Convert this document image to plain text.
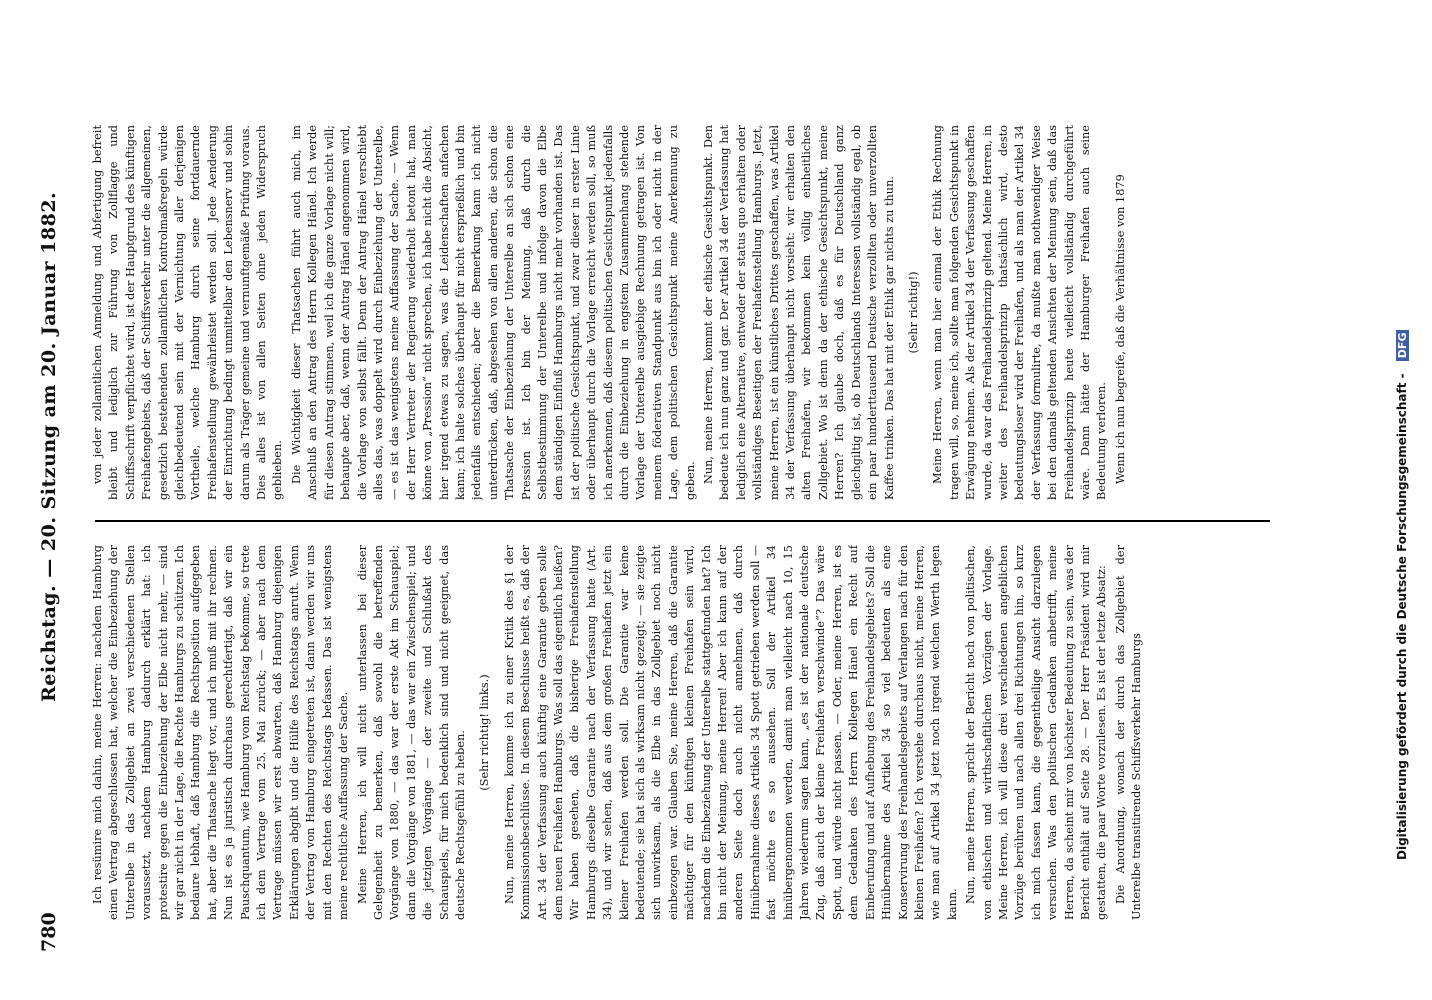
780
Reichstag. — 20. Sitzung am 20. Januar 1882.

Ich resümire mich dahin, meine Herren: nachdem Hamburg einen Vertrag abgeschlossen hat, welcher die Einbeziehung der Unterelbe in das Zollgebiet an zwei verschiedenen Stellen voraussetzt, nachdem Hamburg dadurch erklärt hat: ich protestire gegen die Einbeziehung der Elbe nicht mehr, — sind wir gar nicht in der Lage, die Rechte Hamburgs zu schützen. Ich bedaure lebhaft, daß Hamburg die Rechtsposition aufgegeben hat, aber die Thatsache liegt vor, und ich muß mit ihr rechnen. Nun ist es ja juristisch durchaus gerechtfertigt, daß wir ein Pauschquantum, wie Hamburg vom Reichstag bekomme, so trete ich dem Vertrage vom 25. Mai zurück; — aber nach dem Vertrage müssen wir erst abwarten, daß Hamburg diejenigen Erklärungen abgibt und die Hülfe des Reichstags anruft. Wenn der Vertrag von Hamburg eingetreten ist, dann werden wir uns mit den Rechten des Reichstags befassen. Das ist wenigstens meine rechtliche Auffassung der Sache. Meine Herren, ich will nicht unterlassen bei dieser Gelegenheit zu bemerken, daß sowohl die betreffenden Vorgänge von 1880, — das war der erste Akt im Schauspiel; dann die Vorgänge von 1881, — das war ein Zwischenspiel; und die jetzigen Vorgänge — der zweite und Schlußakt des Schauspiels, für mich bedenklich sind und nicht geeignet, das deutsche Rechtsgefühl zu heben. (Sehr richtig! links.) Nun, meine Herren, komme ich zu einer Kritik des §1 der Kommissionsbeschlüsse. In diesem Beschlusse heißt es, daß der Art. 34 der Verfassung auch künftig eine Garantie geben solle dem neuen Freihafen Hamburgs. Was soll das eigentlich heißen? Wir haben gesehen, daß die bisherige Freihafenstellung Hamburgs dieselbe Garantie nach der Verfassung hatte (Art. 34), und wir sehen, daß aus dem großen Freihafen jetzt ein kleiner Freihafen werden soll. Die Garantie war keine bedeutende; sie hat sich als wirksam nicht gezeigt; — sie zeigte sich unwirksam, als die Elbe in das Zollgebiet noch nicht einbezogen war. Glauben Sie, meine Herren, daß die Garantie mächtiger für den künftigen kleinen Freihafen sein wird, nachdem die Einbeziehung der Unterelbe stattgefunden hat? Ich bin nicht der Meinung, meine Herren! Aber ich kann auf der anderen Seite doch auch nicht annehmen, daß durch Hinübernahme dieses Artikels 34 Spott getrieben werden soll — fast möchte es so aussehen. Soll der Artikel 34 hinübergenommen werden, damit man vielleicht nach 10, 15 Jahren wiederum sagen kann, „es ist der nationale deutsche Zug, daß auch der kleine Freihafen verschwinde“? Das wäre Spott, und würde nicht passen. — Oder, meine Herren, ist es dem Gedanken des Herrn Kollegen Hänel ein Recht auf Einberufung und auf Aufhebung des Freihandelsgebiets? Soll die Hinübernahme des Artikel 34 so viel bedeuten als eine Konservirung des Freihandelsgebiets auf Verlangen nach für den kleinen Freihafen? Ich verstehe durchaus nicht, meine Herren, wie man auf Artikel 34 jetzt noch irgend welchen Werth legen kann.

Nun, meine Herren, spricht der Bericht noch von politischen, von ethischen und wirthschaftlichen Vorzügen der Vorlage. Meine Herren, ich will diese drei verschiedenen angeblichen Vorzüge berühren und nach allen drei Richtungen hin, so kurz ich mich fassen kann, die gegentheilige Ansicht darzulegen versuchen. Was den politischen Gedanken anbetrifft, meine Herren, da scheint mir von höchster Bedeutung zu sein, was der Bericht enthält auf Seite 28. — Der Herr Präsident wird mir gestatten, die paar Worte vorzulesen. Es ist der letzte Absatz: Die Anordnung, wonach der durch das Zollgebiet der Unterelbe transitirende Schiffsverkehr Hamburgs

von jeder zollamtlichen Anmeldung und Abfertigung befreit bleibt und lediglich zur Führung von Zollflagge und Schiffsschrift verpflichtet wird, ist der Hauptgrund des künftigen Freihafengebiets, daß der Schiffsverkehr unter die allgemeinen, gesetzlich bestehenden zollamtlichen Kontrolmaßregeln würde gleichbedeutend sein mit der Vernichtung aller derjenigen Vortheile, welche Hamburg durch seine fortdauernde Freihafenstellung gewährleistet werden soll. Jede Aenderung der Einrichtung bedingt unmittelbar den Lebensnerv und sohin darum als Träger gemeine und vernunftgemäße Prüfung voraus. Dies alles ist von allen Seiten ohne jeden Widerspruch geblieben. Die Wichtigkeit dieser Thatsachen führt auch mich, im Anschluß an den Antrag des Herrn Kollegen Hänel. Ich werde für diesen Antrag stimmen, weil ich die ganze Vorlage nicht will; behaupte aber, daß, wenn der Antrag Hänel angenommen wird, die Vorlage von selbst fällt. Denn der Antrag Hänel verschiebt alles das, was doppelt wird durch Einbeziehung der Unterelbe, — es ist das wenigstens meine Auffassung der Sache. — Wenn der Herr Vertreter der Regierung wiederholt betont hat, man könne von „Pression“ nicht sprechen, ich habe nicht die Absicht, hier irgend etwas zu sagen, was die Leidenschaften anfachen kann; ich halte solches überhaupt für nicht ersprießlich und bin jedenfalls entschieden; aber die Bemerkung kann ich nicht unterdrücken, daß, abgesehen von allen anderen, die schon die Thatsache der Einbeziehung der Unterelbe an sich schon eine Pression ist. Ich bin der Meinung, daß durch die Selbstbestimmung der Unterelbe und infolge davon die Elbe dem ständigen Einfluß Hamburgs nicht mehr vorhanden ist. Das ist der politische Gesichtspunkt, und zwar dieser in erster Linie oder überhaupt durch die Vorlage erreicht werden soll, so muß ich anerkennen, daß diesem politischen Gesichtspunkt jedenfalls durch die Einbeziehung in engstem Zusammenhang stehende Vorlage der Unterelbe ausgiebige Rechnung getragen ist. Von meinem föderativen Standpunkt aus bin ich oder nicht in der Lage, dem politischen Gesichtspunkt meine Anerkennung zu geben. Nun, meine Herren, kommt der ethische Gesichtspunkt. Den bedeute ich nun ganz und gar. Der Artikel 34 der Verfassung hat lediglich eine Alternative, entweder der status quo erhalten oder vollständiges Beseitigen der Freihafenstellung Hamburgs. Jetzt, meine Herren, ist ein künstliches Drittes geschaffen, was Artikel 34 der Verfassung überhaupt nicht vorsieht: wir erhalten den alten Freihafen, wir bekommen kein völlig einheitliches Zollgebiet. Wo ist denn da der ethische Gesichtspunkt, meine Herren? Ich glaube doch, daß es für Deutschland ganz gleichgiltig ist, ob Deutschlands Interessen vollständig egal, ob ein paar hunderttausend Deutsche verzollten oder unverzollten Kaffee trinken. Das hat mit der Ethik gar nichts zu thun. (Sehr richtig!) Meine Herren, wenn man hier einmal der Ethik Rechnung tragen will, so, meine ich, sollte man folgenden Gesichtspunkt in Erwägung nehmen. Als der Artikel 34 der Verfassung geschaffen wurde, da war das Freihandelsprinzip geltend. Meine Herren, in weiter des Freihandelsprinzip thatsächlich wird, desto bedeutungsloser wird der Freihafen, und als man der Artikel 34 der Verfassung formulirte, da mußte man nothwendiger Weise bei den damals geltenden Ansichten der Meinung sein, daß das Freihandelsprinzip heute vielleicht vollständig durchgeführt wäre. Dann hätte der Hamburger Freihafen auch seine Bedeutung verloren. Wenn ich nun begreife, daß die Verhältnisse von 1879

Digitalisierung gefördert durch die Deutsche Forschungsgemeinschaft - DFG
